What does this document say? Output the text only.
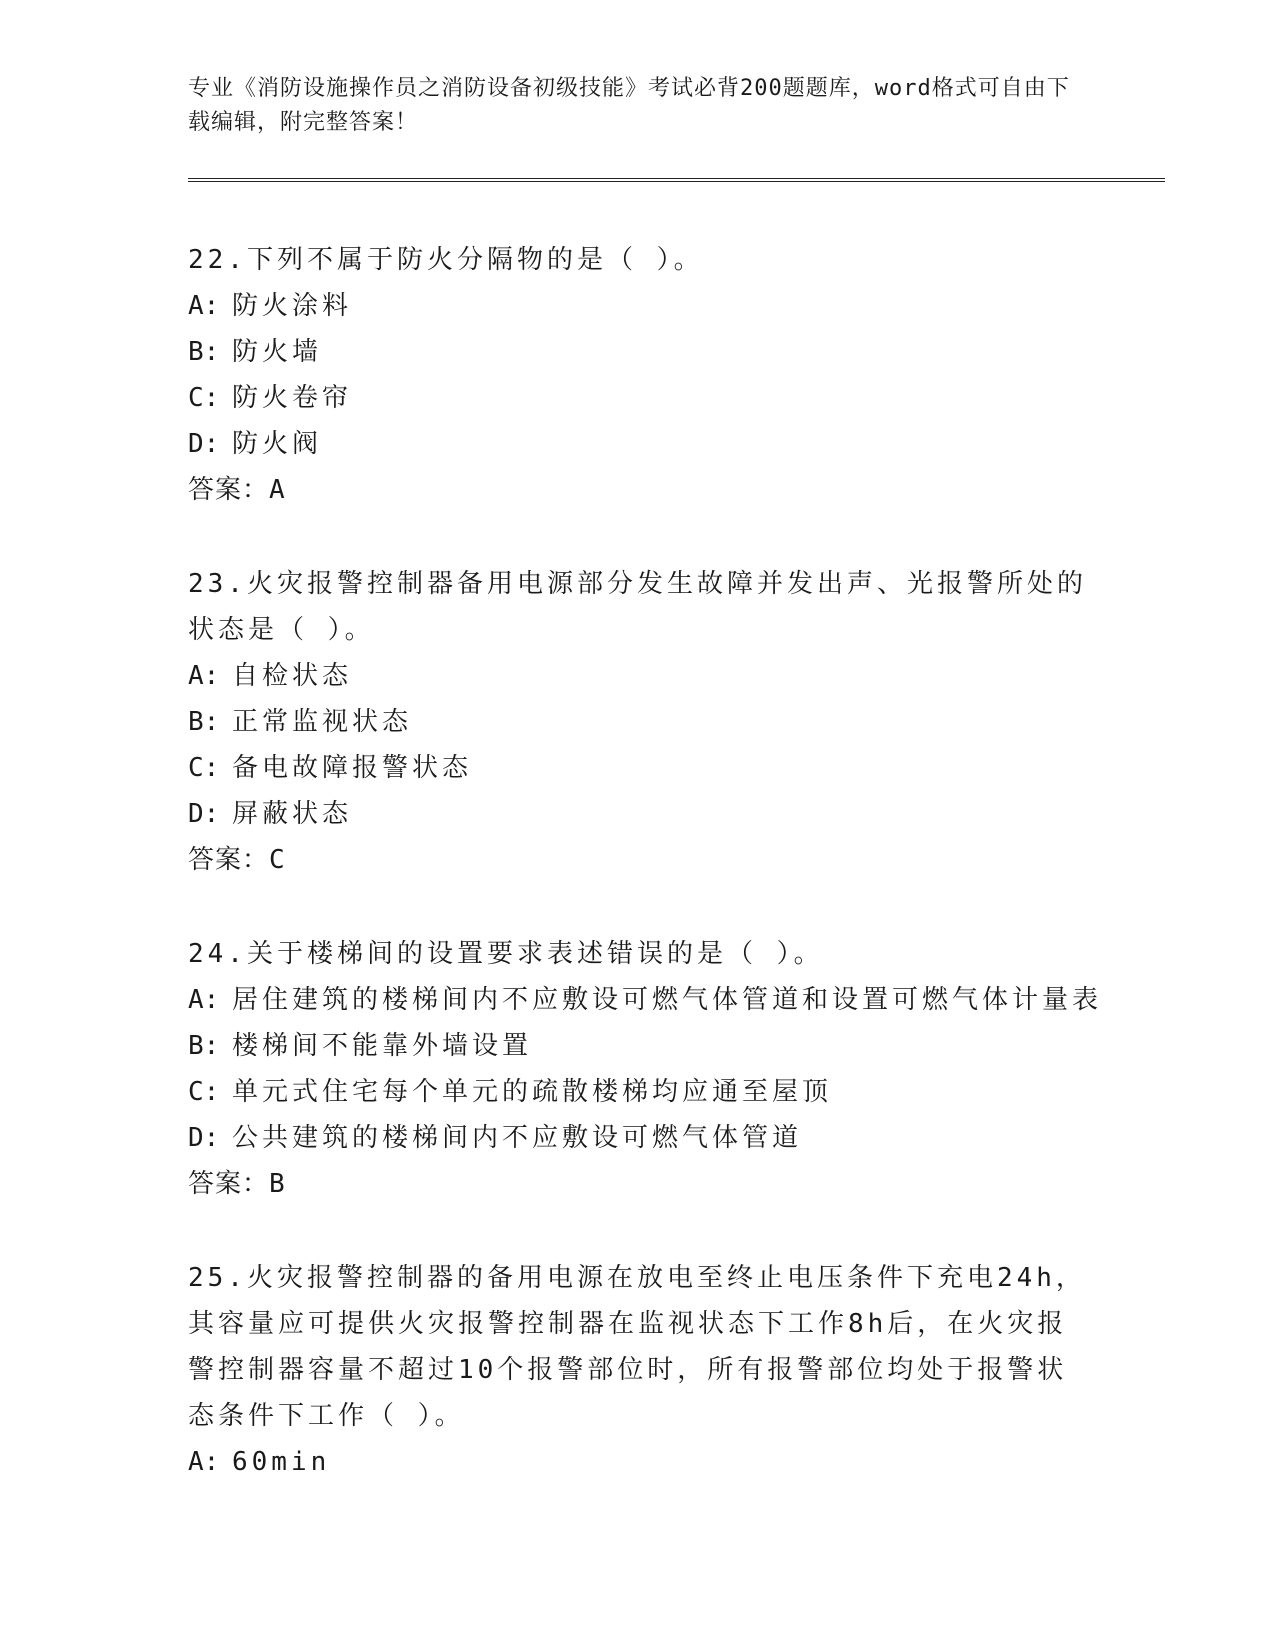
专业《消防设施操作员之消防设备初级技能》考试必背200题题库，word格式可自由下载编辑，附完整答案！

22.下列不属于防火分隔物的是（ ）。

A: 防火涂料

B: 防火墙

C: 防火卷帘

D: 防火阀

答案：A

23.火灾报警控制器备用电源部分发生故障并发出声、光报警所处的状态是（ ）。

A: 自检状态

B: 正常监视状态

C: 备电故障报警状态

D: 屏蔽状态

答案：C

24.关于楼梯间的设置要求表述错误的是（ ）。

A: 居住建筑的楼梯间内不应敷设可燃气体管道和设置可燃气体计量表

B: 楼梯间不能靠外墙设置

C: 单元式住宅每个单元的疏散楼梯均应通至屋顶

D: 公共建筑的楼梯间内不应敷设可燃气体管道

答案：B

25.火灾报警控制器的备用电源在放电至终止电压条件下充电24h，其容量应可提供火灾报警控制器在监视状态下工作8h后，在火灾报警控制器容量不超过10个报警部位时，所有报警部位均处于报警状态条件下工作（ ）。

A: 60min
